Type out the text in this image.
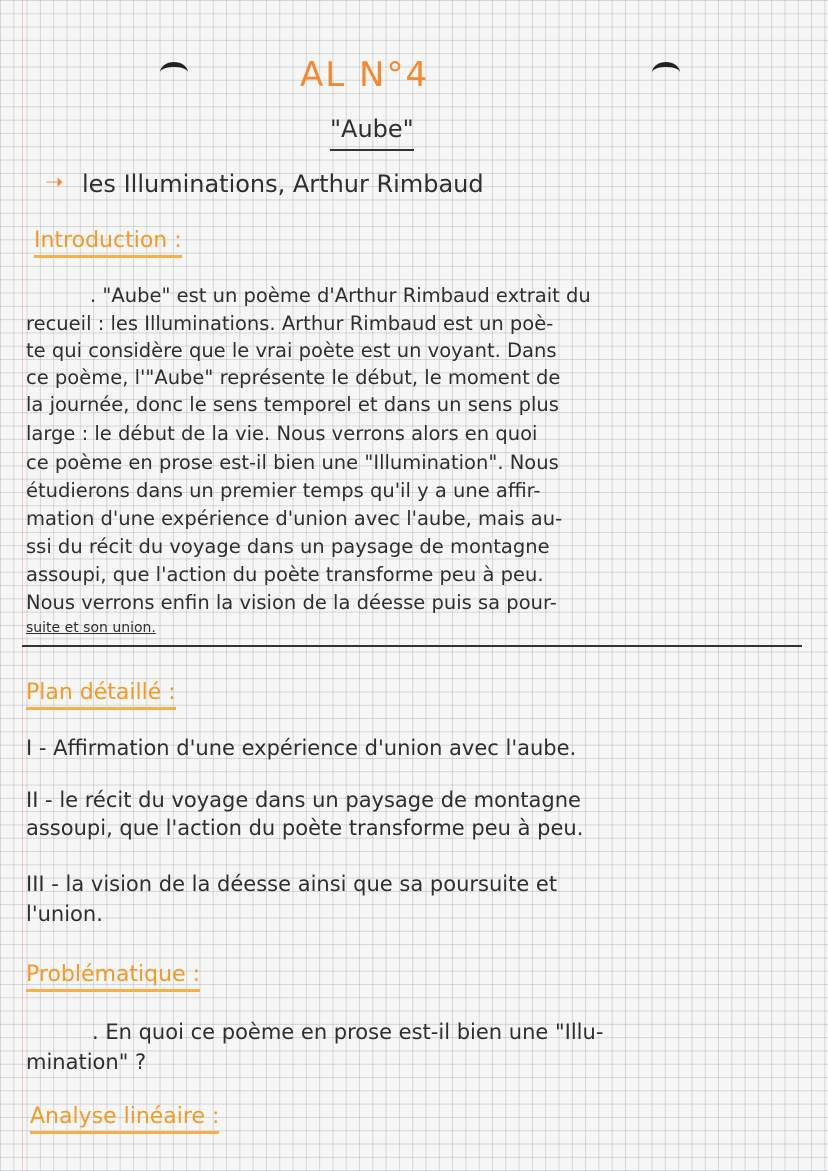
AL N°4
"Aube"
➝ les Illuminations, Arthur Rimbaud
Introduction :
. "Aube" est un poème d'Arthur Rimbaud extrait du
recueil : les Illuminations. Arthur Rimbaud est un poè-
te qui considère que le vrai poète est un voyant. Dans
ce poème, l'"Aube" représente le début, le moment de
la journée, donc le sens temporel et dans un sens plus
large : le début de la vie. Nous verrons alors en quoi
ce poème en prose est-il bien une "Illumination". Nous
étudierons dans un premier temps qu'il y a une affir-
mation d'une expérience d'union avec l'aube, mais au-
ssi du récit du voyage dans un paysage de montagne
assoupi, que l'action du poète transforme peu à peu.
Nous verrons enfin la vision de la déesse puis sa pour-
suite et son union.
Plan détaillé :
I - Affirmation d'une expérience d'union avec l'aube.
II - le récit du voyage dans un paysage de montagne
assoupi, que l'action du poète transforme peu à peu.
III - la vision de la déesse ainsi que sa poursuite et
l'union.
Problématique :
. En quoi ce poème en prose est-il bien une "Illu-
mination" ?
Analyse linéaire :
